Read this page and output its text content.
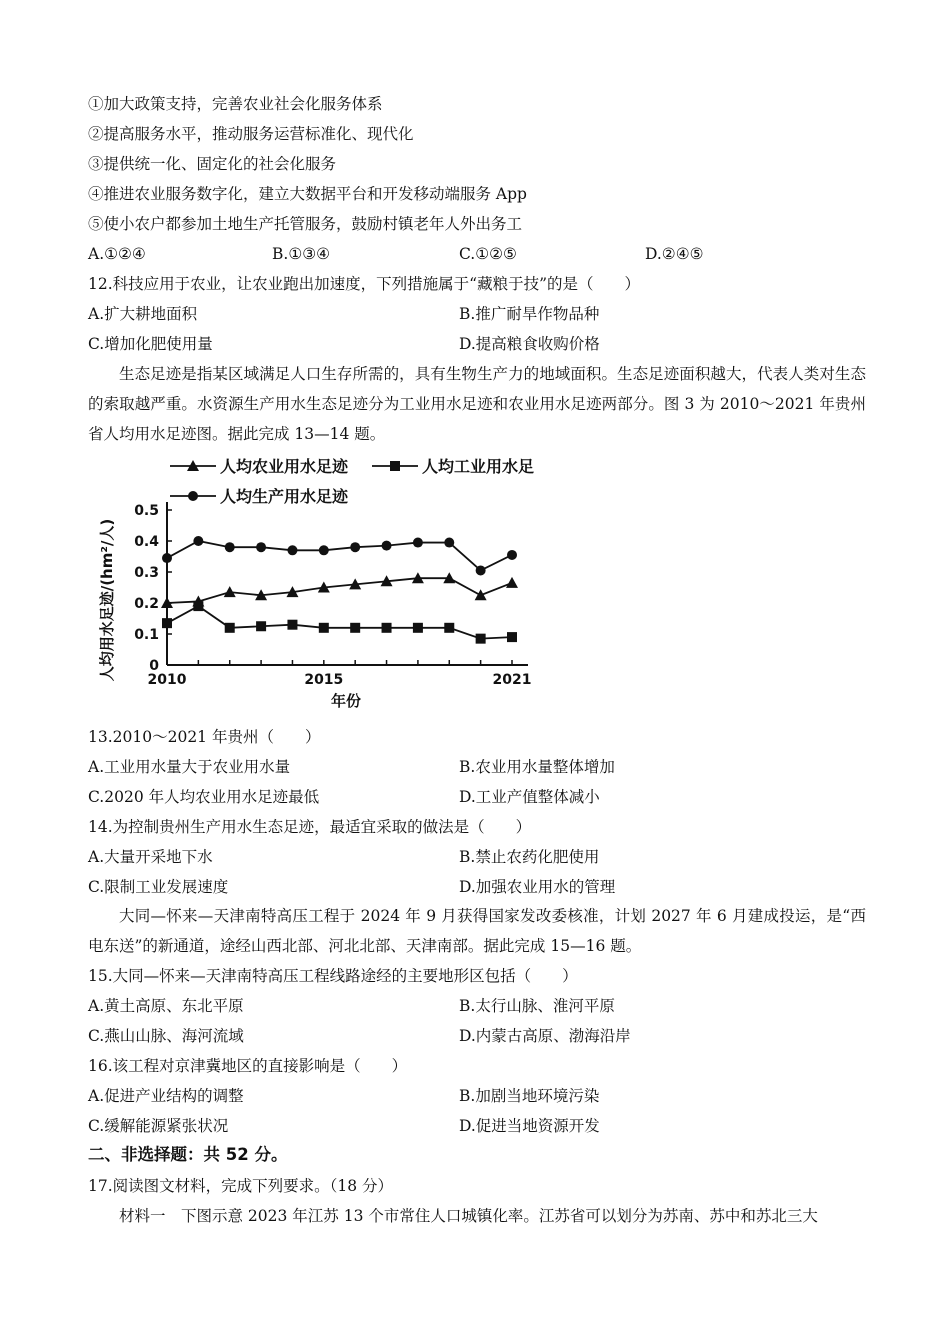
①加大政策支持，完善农业社会化服务体系
②提高服务水平，推动服务运营标准化、现代化
③提供统一化、固定化的社会化服务
④推进农业服务数字化，建立大数据平台和开发移动端服务 App
⑤使小农户都参加土地生产托管服务，鼓励村镇老年人外出务工
A.①②④	B.①③④	C.①②⑤	D.②④⑤
12.科技应用于农业，让农业跑出加速度，下列措施属于“藏粮于技”的是（　　）
A.扩大耕地面积	B.推广耐旱作物品种
C.增加化肥使用量	D.提高粮食收购价格

生态足迹是指某区域满足人口生存所需的，具有生物生产力的地域面积。生态足迹面积越大，代表人类对生态的索取越严重。水资源生产用水生态足迹分为工业用水足迹和农业用水足迹两部分。图 3 为 2010～2021 年贵州省人均用水足迹图。据此完成 13—14 题。

人均农业用水足迹	人均工业用水足
人均生产用水足迹
0
0.1
0.2
0.3
0.4
0.5
2010	2015	2021
人均用水足迹/(hm²/人)
年份
13.2010～2021 年贵州（　　）
A.工业用水量大于农业用水量	B.农业用水量整体增加
C.2020 年人均农业用水足迹最低	D.工业产值整体减小
14.为控制贵州生产用水生态足迹，最适宜采取的做法是（　　）
A.大量开采地下水	B.禁止农药化肥使用
C.限制工业发展速度	D.加强农业用水的管理

大同—怀来—天津南特高压工程于 2024 年 9 月获得国家发改委核准，计划 2027 年 6 月建成投运，是“西电东送”的新通道，途经山西北部、河北北部、天津南部。据此完成 15—16 题。

15.大同—怀来—天津南特高压工程线路途经的主要地形区包括（　　）
A.黄土高原、东北平原	B.太行山脉、淮河平原
C.燕山山脉、海河流域	D.内蒙古高原、渤海沿岸
16.该工程对京津冀地区的直接影响是（　　）
A.促进产业结构的调整	B.加剧当地环境污染
C.缓解能源紧张状况	D.促进当地资源开发
二、非选择题：共 52 分。
17.阅读图文材料，完成下列要求。（18 分）
材料一　下图示意 2023 年江苏 13 个市常住人口城镇化率。江苏省可以划分为苏南、苏中和苏北三大
